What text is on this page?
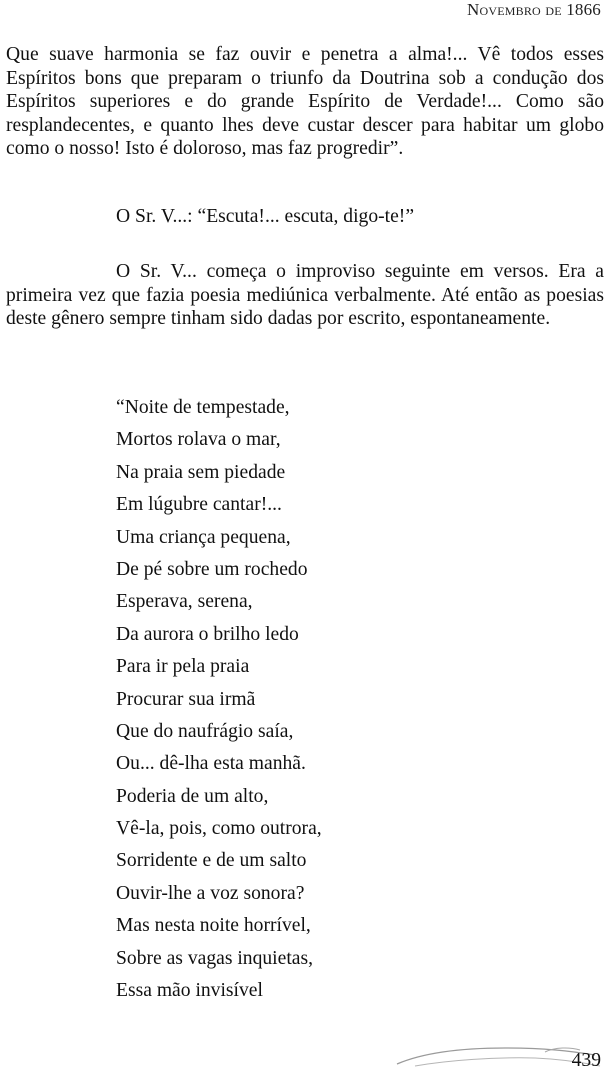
Novembro de 1866

Que suave harmonia se faz ouvir e penetra a alma!... Vê todos esses Espíritos bons que preparam o triunfo da Doutrina sob a condução dos Espíritos superiores e do grande Espírito de Verdade!... Como são resplandecentes, e quanto lhes deve custar descer para habitar um globo como o nosso! Isto é doloroso, mas faz progredir”.

O Sr. V...: “Escuta!... escuta, digo-te!”

O Sr. V... começa o improviso seguinte em versos. Era a primeira vez que fazia poesia mediúnica verbalmente. Até então as poesias deste gênero sempre tinham sido dadas por escrito, espontaneamente.

“Noite de tempestade,
Mortos rolava o mar,
Na praia sem piedade
Em lúgubre cantar!...
Uma criança pequena,
De pé sobre um rochedo
Esperava, serena,
Da aurora o brilho ledo
Para ir pela praia
Procurar sua irmã
Que do naufrágio saía,
Ou... dê-lha esta manhã.
Poderia de um alto,
Vê-la, pois, como outrora,
Sorridente e de um salto
Ouvir-lhe a voz sonora?
Mas nesta noite horrível,
Sobre as vagas inquietas,
Essa mão invisível
439
